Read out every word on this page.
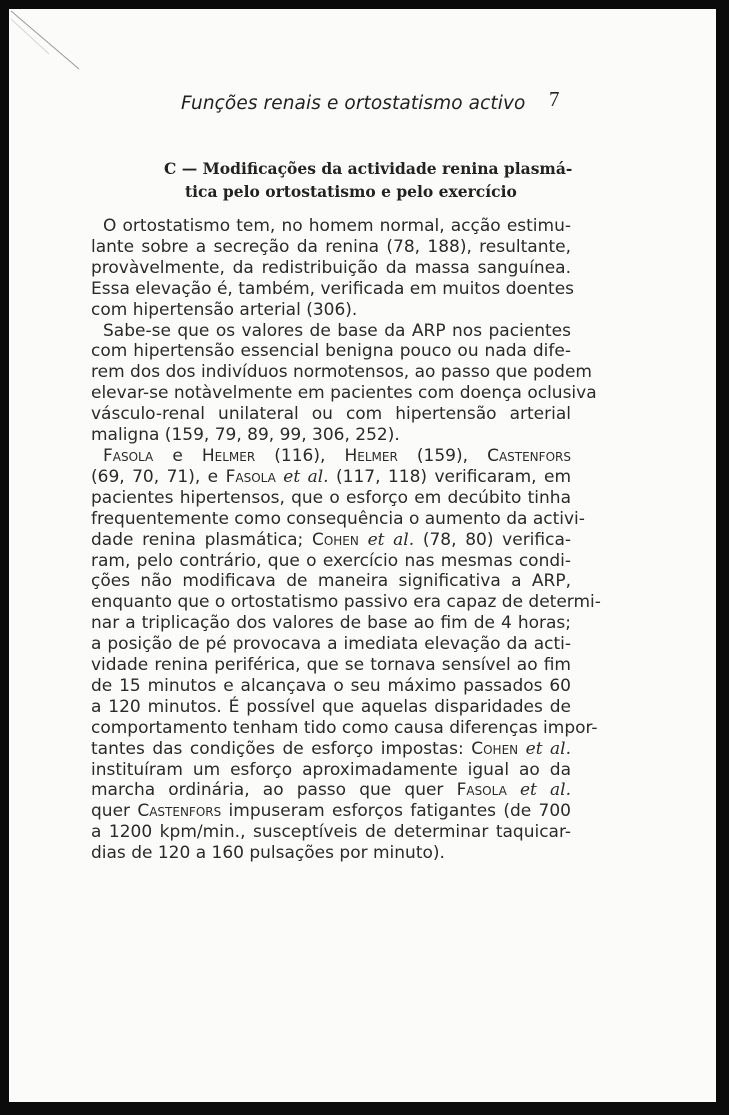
Funções renais e ortostatismo activo 7
C — Modificações da actividade renina plasmá-
tica pelo ortostatismo e pelo exercício
O ortostatismo tem, no homem normal, acção estimu-
lante sobre a secreção da renina (78, 188), resultante,
provàvelmente, da redistribuição da massa sanguínea.
Essa elevação é, também, verificada em muitos doentes
com hipertensão arterial (306).
Sabe-se que os valores de base da ARP nos pacientes
com hipertensão essencial benigna pouco ou nada dife-
rem dos dos indivíduos normotensos, ao passo que podem
elevar-se notàvelmente em pacientes com doença oclusiva
vásculo-renal unilateral ou com hipertensão arterial
maligna (159, 79, 89, 99, 306, 252).
Fasola e Helmer (116), Helmer (159), Castenfors
(69, 70, 71), e Fasola et al. (117, 118) verificaram, em
pacientes hipertensos, que o esforço em decúbito tinha
frequentemente como consequência o aumento da activi-
dade renina plasmática; Cohen et al. (78, 80) verifica-
ram, pelo contrário, que o exercício nas mesmas condi-
ções não modificava de maneira significativa a ARP,
enquanto que o ortostatismo passivo era capaz de determi-
nar a triplicação dos valores de base ao fim de 4 horas;
a posição de pé provocava a imediata elevação da acti-
vidade renina periférica, que se tornava sensível ao fim
de 15 minutos e alcançava o seu máximo passados 60
a 120 minutos. É possível que aquelas disparidades de
comportamento tenham tido como causa diferenças impor-
tantes das condições de esforço impostas: Cohen et al.
instituíram um esforço aproximadamente igual ao da
marcha ordinária, ao passo que quer Fasola et al.
quer Castenfors impuseram esforços fatigantes (de 700
a 1200 kpm/min., susceptíveis de determinar taquicar-
dias de 120 a 160 pulsações por minuto).
